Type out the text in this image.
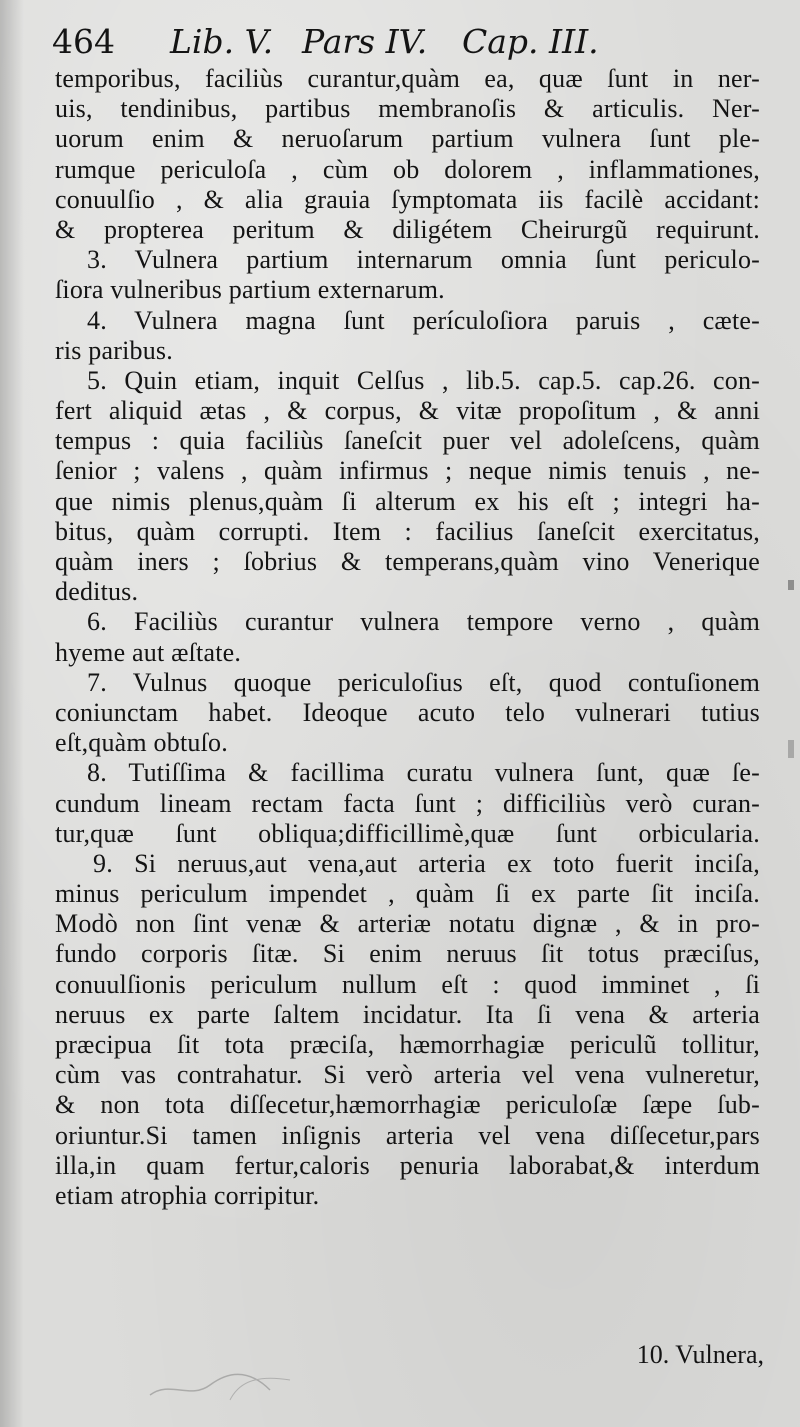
464 Lib. V. Pars IV. Cap. III.
temporibus, faciliùs curantur,quàm ea, quæ ſunt in ner-
uis, tendinibus, partibus membranoſis & articulis. Ner-
uorum enim & neruoſarum partium vulnera ſunt ple-
rumque periculoſa , cùm ob dolorem , inflammationes,
conuulſio , & alia grauia ſymptomata iis facilè accidant:
& propterea peritum & diligétem Cheirurgũ requirunt.
3. Vulnera partium internarum omnia ſunt periculo-
ſiora vulneribus partium externarum.
4. Vulnera magna ſunt perículoſiora paruis , cæte-
ris paribus.
5. Quin etiam, inquit Celſus , lib.5. cap.5. cap.26. con-
fert aliquid ætas , & corpus, & vitæ propoſitum , & anni
tempus : quia faciliùs ſaneſcit puer vel adoleſcens, quàm
ſenior ; valens , quàm infirmus ; neque nimis tenuis , ne-
que nimis plenus,quàm ſi alterum ex his eſt ; integri ha-
bitus, quàm corrupti. Item : facilius ſaneſcit exercitatus,
quàm iners ; ſobrius & temperans,quàm vino Venerique
deditus.
6. Faciliùs curantur vulnera tempore verno , quàm
hyeme aut æſtate.
7. Vulnus quoque periculoſius eſt, quod contuſionem
coniunctam habet. Ideoque acuto telo vulnerari tutius
eſt,quàm obtuſo.
8. Tutiſſima & facillima curatu vulnera ſunt, quæ ſe-
cundum lineam rectam facta ſunt ; difficiliùs verò curan-
tur,quæ ſunt obliqua;difficillimè,quæ ſunt orbicularia.
9. Si neruus,aut vena,aut arteria ex toto fuerit inciſa,
minus periculum impendet , quàm ſi ex parte ſit inciſa.
Modò non ſint venæ & arteriæ notatu dignæ , & in pro-
fundo corporis ſitæ. Si enim neruus ſit totus præciſus,
conuulſionis periculum nullum eſt : quod imminet , ſi
neruus ex parte ſaltem incidatur. Ita ſi vena & arteria
præcipua ſit tota præciſa, hæmorrhagiæ periculũ tollitur,
cùm vas contrahatur. Si verò arteria vel vena vulneretur,
& non tota diſſecetur,hæmorrhagiæ periculoſæ ſæpe ſub-
oriuntur.Si tamen inſignis arteria vel vena diſſecetur,pars
illa,in quam fertur,caloris penuria laborabat,& interdum
etiam atrophia corripitur.
10. Vulnera,
